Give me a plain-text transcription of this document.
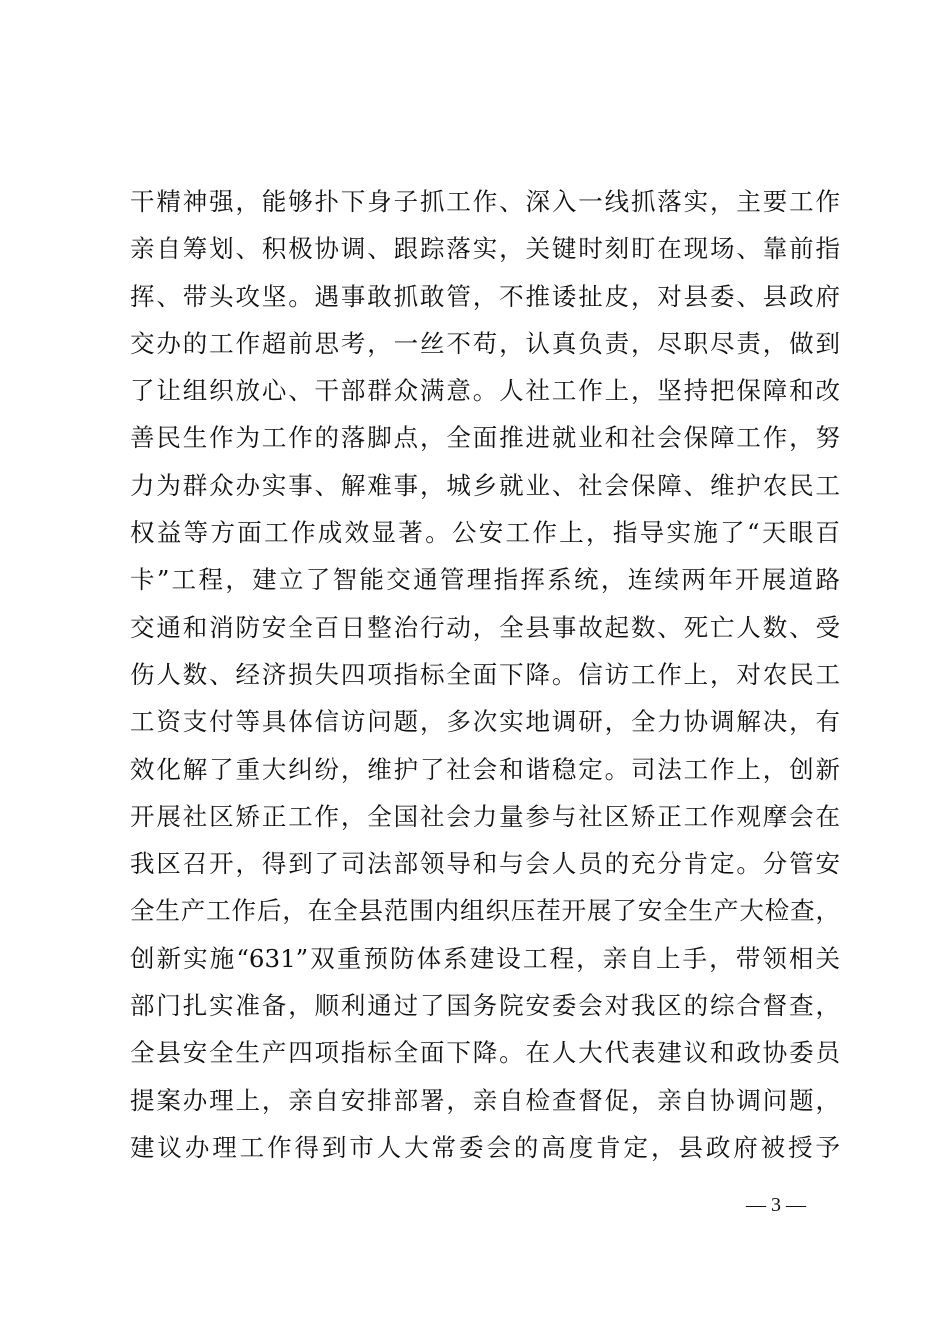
干精神强，能够扑下身子抓工作、深入一线抓落实，主要工作
亲自筹划、积极协调、跟踪落实，关键时刻盯在现场、靠前指
挥、带头攻坚。遇事敢抓敢管，不推诿扯皮，对县委、县政府
交办的工作超前思考，一丝不苟，认真负责，尽职尽责，做到
了让组织放心、干部群众满意。人社工作上，坚持把保障和改
善民生作为工作的落脚点，全面推进就业和社会保障工作，努
力为群众办实事、解难事，城乡就业、社会保障、维护农民工
权益等方面工作成效显著。公安工作上，指导实施了“天眼百
卡”工程，建立了智能交通管理指挥系统，连续两年开展道路
交通和消防安全百日整治行动，全县事故起数、死亡人数、受
伤人数、经济损失四项指标全面下降。信访工作上，对农民工
工资支付等具体信访问题，多次实地调研，全力协调解决，有
效化解了重大纠纷，维护了社会和谐稳定。司法工作上，创新
开展社区矫正工作，全国社会力量参与社区矫正工作观摩会在
我区召开，得到了司法部领导和与会人员的充分肯定。分管安
全生产工作后，在全县范围内组织压茬开展了安全生产大检查，
创新实施“631”双重预防体系建设工程，亲自上手，带领相关
部门扎实准备，顺利通过了国务院安委会对我区的综合督查，
全县安全生产四项指标全面下降。在人大代表建议和政协委员
提案办理上，亲自安排部署，亲自检查督促，亲自协调问题，
建议办理工作得到市人大常委会的高度肯定，县政府被授予
— 3 —
